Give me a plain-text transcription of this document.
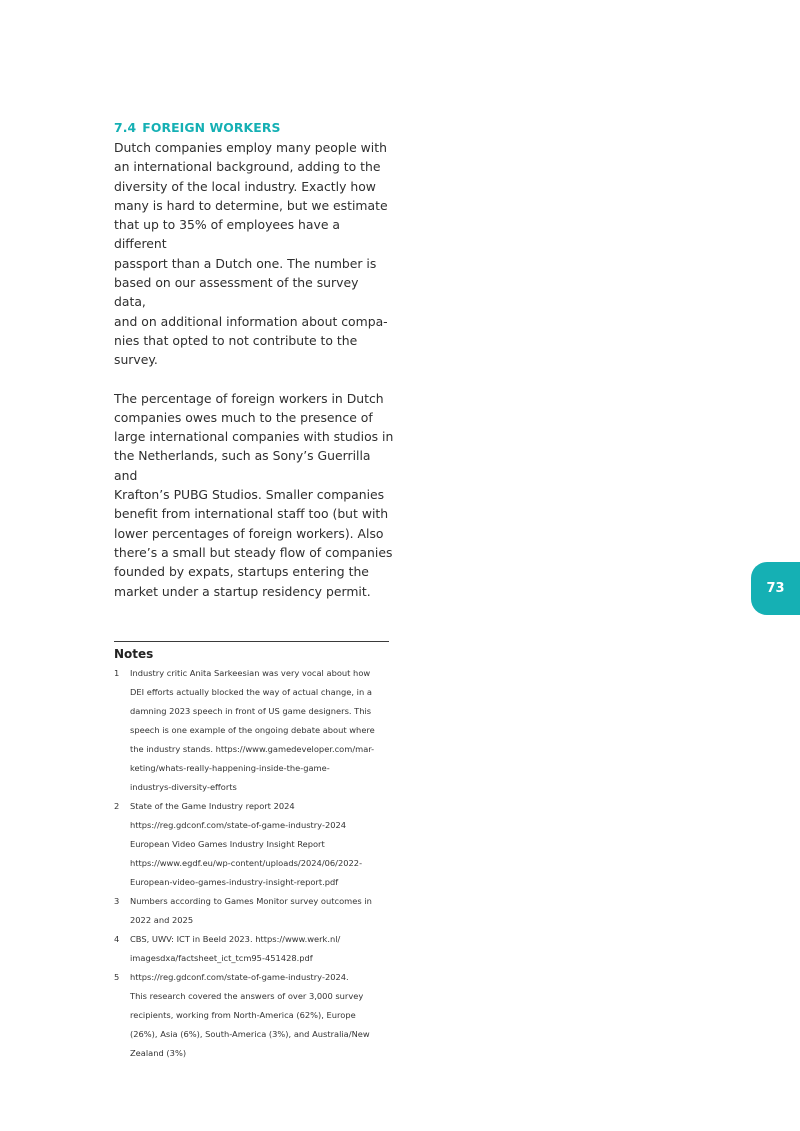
7.4 FOREIGN WORKERS

Dutch companies employ many people with
an international background, adding to the
diversity of the local industry. Exactly how
many is hard to determine, but we estimate
that up to 35% of employees have a different
passport than a Dutch one. The number is
based on our assessment of the survey data,
and on additional information about compa-
nies that opted to not contribute to the survey.

The percentage of foreign workers in Dutch
companies owes much to the presence of
large international companies with studios in
the Netherlands, such as Sony’s Guerrilla and
Krafton’s PUBG Studios. Smaller companies
benefit from international staff too (but with
lower percentages of foreign workers). Also
there’s a small but steady flow of companies
founded by expats, startups entering the
market under a startup residency permit.	73
Notes
1 Industry critic Anita Sarkeesian was very vocal about how
DEI efforts actually blocked the way of actual change, in a
damning 2023 speech in front of US game designers. This
speech is one example of the ongoing debate about where
the industry stands. https://www.gamedeveloper.com/mar-
keting/whats-really-happening-inside-the-game-
industrys-diversity-efforts
2 State of the Game Industry report 2024
https://reg.gdconf.com/state-of-game-industry-2024
European Video Games Industry Insight Report
https://www.egdf.eu/wp-content/uploads/2024/06/2022-
European-video-games-industry-insight-report.pdf
3 Numbers according to Games Monitor survey outcomes in
2022 and 2025
4 CBS, UWV: ICT in Beeld 2023. https://www.werk.nl/
imagesdxa/factsheet_ict_tcm95-451428.pdf
5 https://reg.gdconf.com/state-of-game-industry-2024.
This research covered the answers of over 3,000 survey
recipients, working from North-America (62%), Europe
(26%), Asia (6%), South-America (3%), and Australia/New
Zealand (3%)
